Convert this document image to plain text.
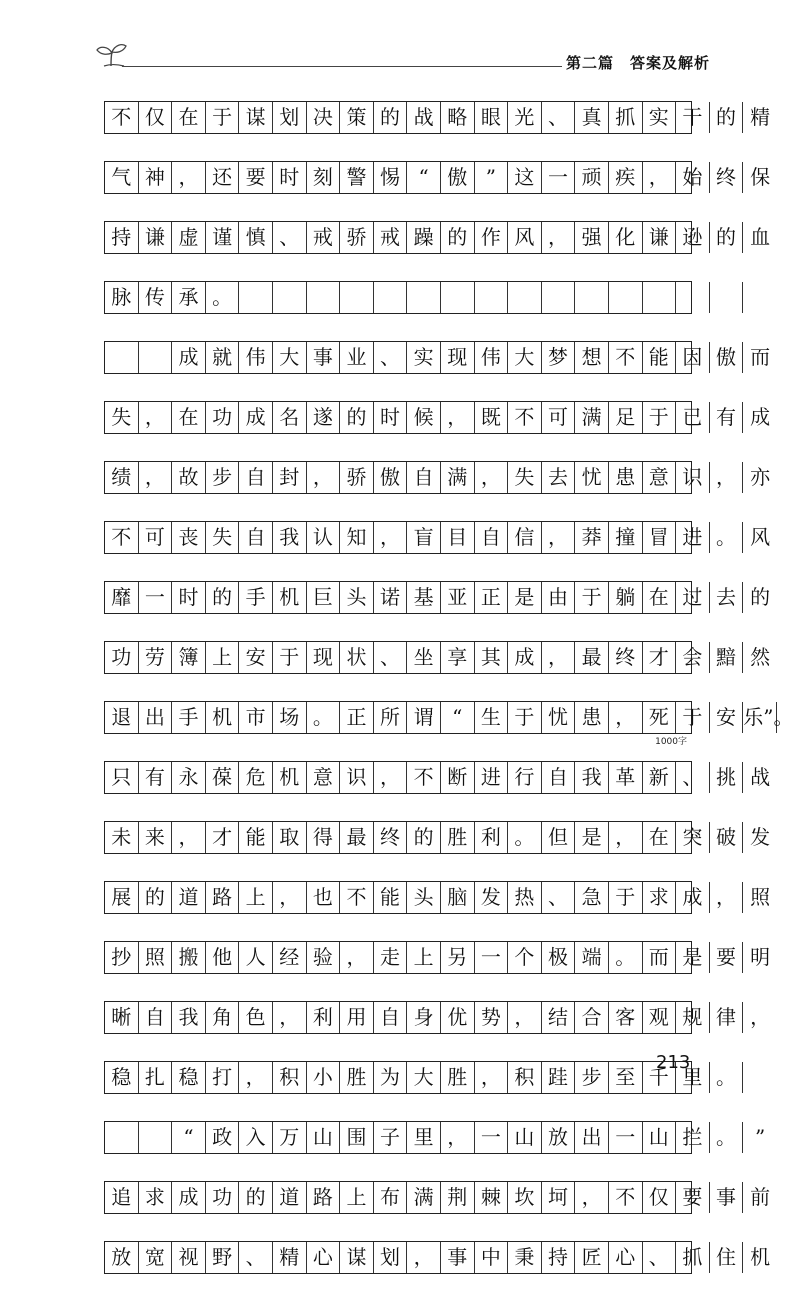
第二篇　答案及解析
不 仅 在 于 谋 划 决 策 的 战 略 眼 光 、 真 抓 实 干 的 精
气 神 ， 还 要 时 刻 警 惕 “ 傲 ” 这 一 顽 疾 ， 始 终 保
持 谦 虚 谨 慎 、 戒 骄 戒 躁 的 作 风 ， 强 化 谦 逊 的 血
脉 传 承 。
成 就 伟 大 事 业 、 实 现 伟 大 梦 想 不 能 因 傲 而
失 ， 在 功 成 名 遂 的 时 候 ， 既 不 可 满 足 于 已 有 成
绩 ， 故 步 自 封 ， 骄 傲 自 满 ， 失 去 忧 患 意 识 ， 亦
不 可 丧 失 自 我 认 知 ， 盲 目 自 信 ， 莽 撞 冒 进 。 风
靡 一 时 的 手 机 巨 头 诺 基 亚 正 是 由 于 躺 在 过 去 的
功 劳 簿 上 安 于 现 状 、 坐 享 其 成 ， 最 终 才 会 黯 然
退 出 手 机 市 场 。 正 所 谓 “ 生 于 忧 患 ， 死 于 安 乐”。
1000字
只 有 永 葆 危 机 意 识 ， 不 断 进 行 自 我 革 新 、 挑 战
未 来 ， 才 能 取 得 最 终 的 胜 利 。 但 是 ， 在 突 破 发
展 的 道 路 上 ， 也 不 能 头 脑 发 热 、 急 于 求 成 ， 照
抄 照 搬 他 人 经 验 ， 走 上 另 一 个 极 端 。 而 是 要 明
晰 自 我 角 色 ， 利 用 自 身 优 势 ， 结 合 客 观 规 律 ，
稳 扎 稳 打 ， 积 小 胜 为 大 胜 ， 积 跬 步 至 千 里 。
“ 政 入 万 山 围 子 里 ， 一 山 放 出 一 山 拦 。 ”
追 求 成 功 的 道 路 上 布 满 荆 棘 坎 坷 ， 不 仅 要 事 前
放 宽 视 野 、 精 心 谋 划 ， 事 中 秉 持 匠 心 、 抓 住 机
213
